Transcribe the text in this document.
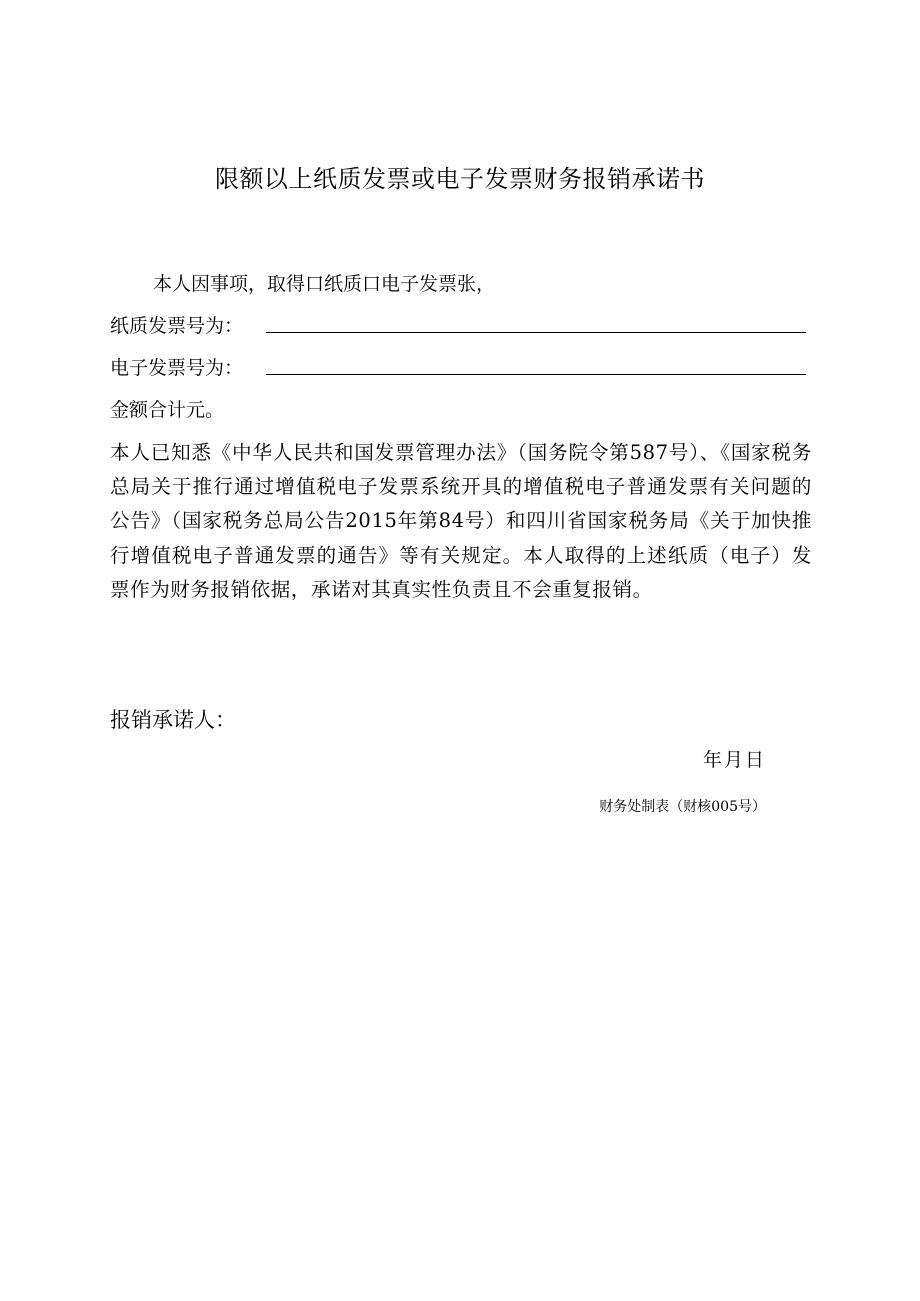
限额以上纸质发票或电子发票财务报销承诺书
本人因事项，取得口纸质口电子发票张，
纸质发票号为：
电子发票号为：
金额合计元。

本人已知悉《中华人民共和国发票管理办法》（国务院令第587号）、《国家税务总局关于推行通过增值税电子发票系统开具的增值税电子普通发票有关问题的公告》（国家税务总局公告2015年第84号）和四川省国家税务局《关于加快推行增值税电子普通发票的通告》等有关规定。本人取得的上述纸质（电子）发票作为财务报销依据，承诺对其真实性负责且不会重复报销。

报销承诺人：
年月日
财务处制表（财核005号）
